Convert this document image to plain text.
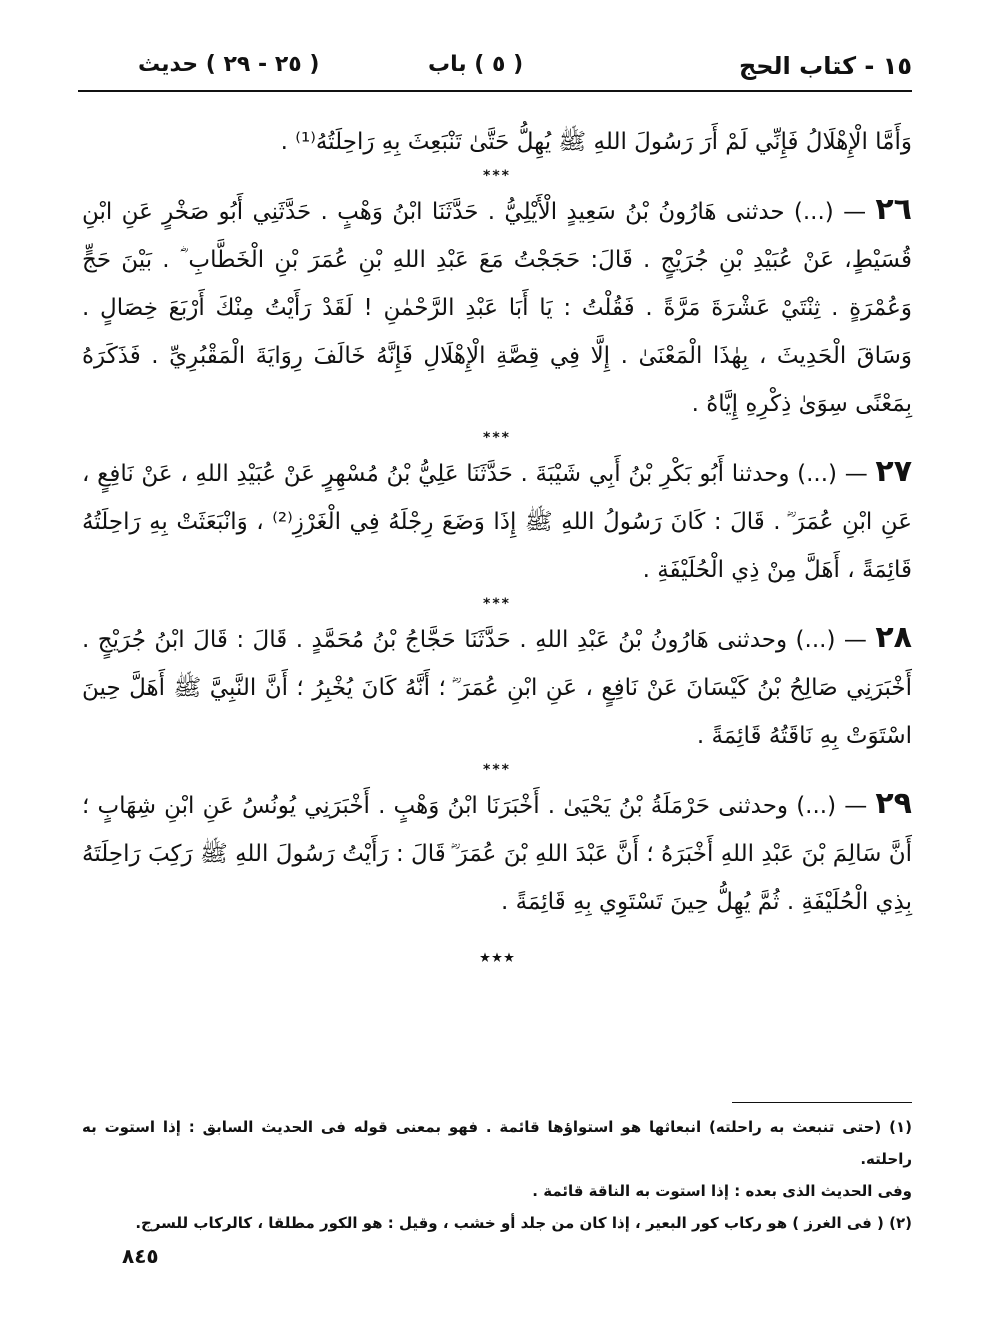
١٥ - كتاب الحج
( ٥ ) باب
( ٢٥ - ٢٩ ) حديث

وَأَمَّا الْإِهْلَالُ فَإِنِّي لَمْ أَرَ رَسُولَ اللهِ ﷺ يُهِلُّ حَتَّىٰ تَنْبَعِثَ بِهِ رَاحِلَتُهُ⁽¹⁾ .

***

٢٦ — (...) حدثنى هَارُونُ بْنُ سَعِيدٍ الْأَيْلِيُّ . حَدَّثَنَا ابْنُ وَهْبٍ . حَدَّثَنِي أَبُو صَخْرٍ عَنِ ابْنِ قُسَيْطٍ، عَنْ عُبَيْدِ بْنِ جُرَيْجٍ . قَالَ: حَجَجْتُ مَعَ عَبْدِ اللهِ بْنِ عُمَرَ بْنِ الْخَطَّابِ ؓ . بَيْنَ حَجٍّ وَعُمْرَةٍ . ثِنْتَيْ عَشْرَةَ مَرَّةً . فَقُلْتُ : يَا أَبَا عَبْدِ الرَّحْمٰنِ ! لَقَدْ رَأَيْتُ مِنْكَ أَرْبَعَ خِصَالٍ . وَسَاقَ الْحَدِيثَ ، بِهٰذَا الْمَعْنَىٰ . إِلَّا فِي قِصَّةِ الْإِهْلَالِ فَإِنَّهُ خَالَفَ رِوَايَةَ الْمَقْبُرِيِّ . فَذَكَرَهُ بِمَعْنًى سِوَىٰ ذِكْرِهِ إِيَّاهُ .

***

٢٧ — (...) وحدثنا أَبُو بَكْرِ بْنُ أَبِي شَيْبَةَ . حَدَّثَنَا عَلِيُّ بْنُ مُسْهِرٍ عَنْ عُبَيْدِ اللهِ ، عَنْ نَافِعٍ ، عَنِ ابْنِ عُمَرَ ؓ . قَالَ : كَانَ رَسُولُ اللهِ ﷺ إِذَا وَضَعَ رِجْلَهُ فِي الْغَرْزِ⁽²⁾ ، وَانْبَعَثَتْ بِهِ رَاحِلَتُهُ قَائِمَةً ، أَهَلَّ مِنْ ذِي الْحُلَيْفَةِ .

***

٢٨ — (...) وحدثنى هَارُونُ بْنُ عَبْدِ اللهِ . حَدَّثَنَا حَجَّاجُ بْنُ مُحَمَّدٍ . قَالَ : قَالَ ابْنُ جُرَيْجٍ . أَخْبَرَنِي صَالِحُ بْنُ كَيْسَانَ عَنْ نَافِعٍ ، عَنِ ابْنِ عُمَرَ ؓ ؛ أَنَّهُ كَانَ يُخْبِرُ ؛ أَنَّ النَّبِيَّ ﷺ أَهَلَّ حِينَ اسْتَوَتْ بِهِ نَاقَتُهُ قَائِمَةً .

***

٢٩ — (...) وحدثنى حَرْمَلَةُ بْنُ يَحْيَىٰ . أَخْبَرَنَا ابْنُ وَهْبٍ . أَخْبَرَنِي يُونُسُ عَنِ ابْنِ شِهَابٍ ؛ أَنَّ سَالِمَ بْنَ عَبْدِ اللهِ أَخْبَرَهُ ؛ أَنَّ عَبْدَ اللهِ بْنَ عُمَرَ ؓ قَالَ : رَأَيْتُ رَسُولَ اللهِ ﷺ رَكِبَ رَاحِلَتَهُ بِذِي الْحُلَيْفَةِ . ثُمَّ يُهِلُّ حِينَ تَسْتَوِي بِهِ قَائِمَةً .

٭٭٭

(١) (حتى تنبعث به راحلته) انبعاثها هو استواؤها قائمة . فهو بمعنى قوله فى الحديث السابق : إذا استوت به راحلته.

وفى الحديث الذى بعده : إذا استوت به الناقة قائمة .

(٢) ( فى الغرز ) هو ركاب كور البعير ، إذا كان من جلد أو خشب ، وقيل : هو الكور مطلقا ، كالركاب للسرج.

٨٤٥
